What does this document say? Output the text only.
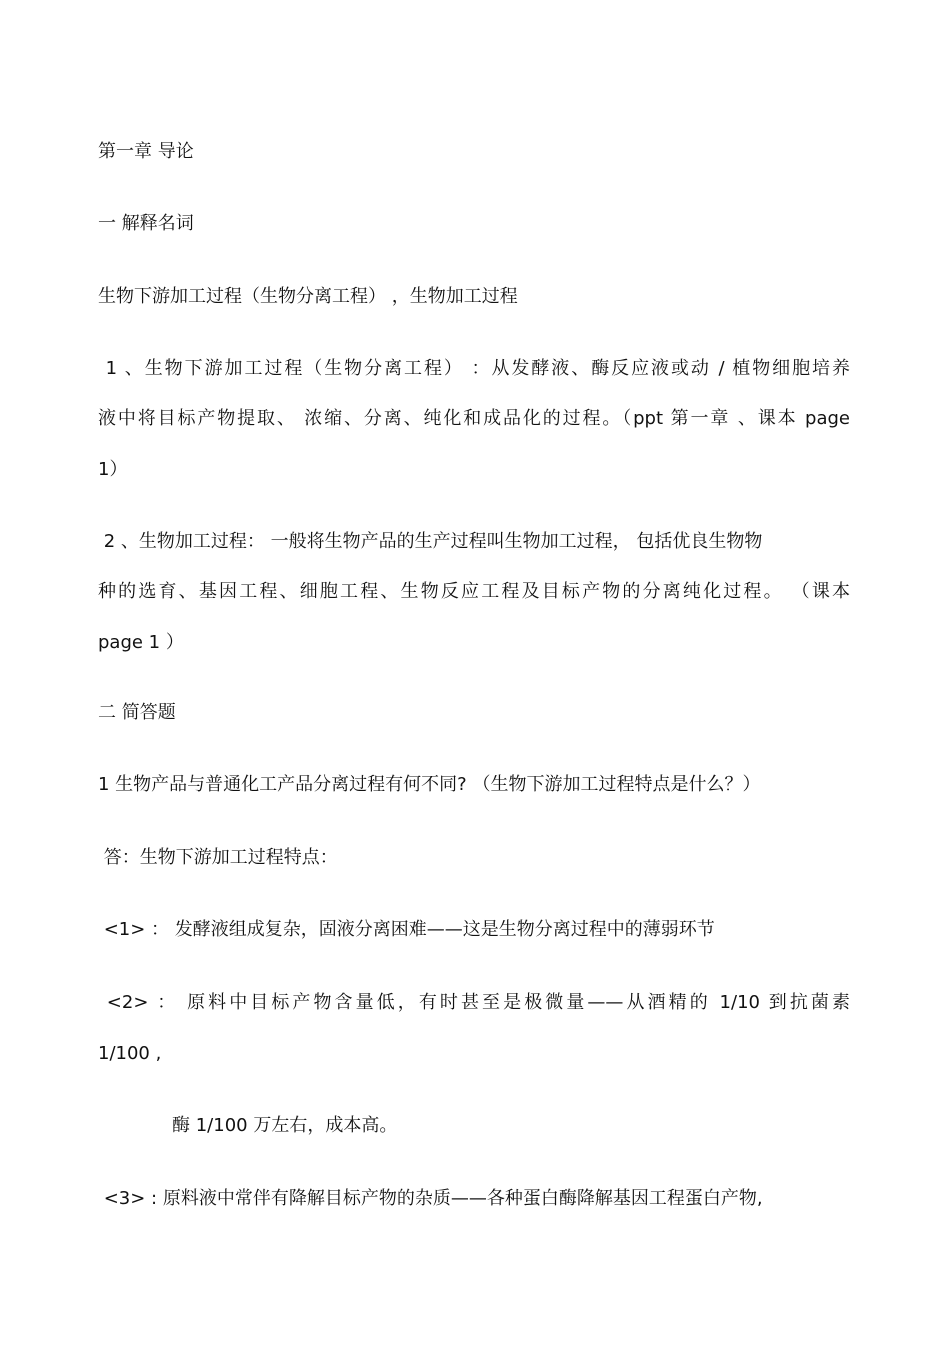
第一章 导论
一 解释名词
生物下游加工过程（生物分离工程） ，生物加工过程
1 、生物下游加工过程（生物分离工程） ：从发酵液、酶反应液或动 / 植物细胞培养
液中将目标产物提取、 浓缩、分离、纯化和成品化的过程。（ppt 第一章 、课本 page
1）
2 、生物加工过程： 一般将生物产品的生产过程叫生物加工过程， 包括优良生物物
种的选育、基因工程、细胞工程、生物反应工程及目标产物的分离纯化过程。 （课本
page 1 ）
二 简答题
1 生物产品与普通化工产品分离过程有何不同? （生物下游加工过程特点是什么？）
答：生物下游加工过程特点：
<1> ： 发酵液组成复杂，固液分离困难——这是生物分离过程中的薄弱环节
<2> ： 原料中目标产物含量低，有时甚至是极微量——从酒精的 1/10 到抗菌素
1/100 ,
酶 1/100 万左右，成本高。
<3> : 原料液中常伴有降解目标产物的杂质——各种蛋白酶降解基因工程蛋白产物,
